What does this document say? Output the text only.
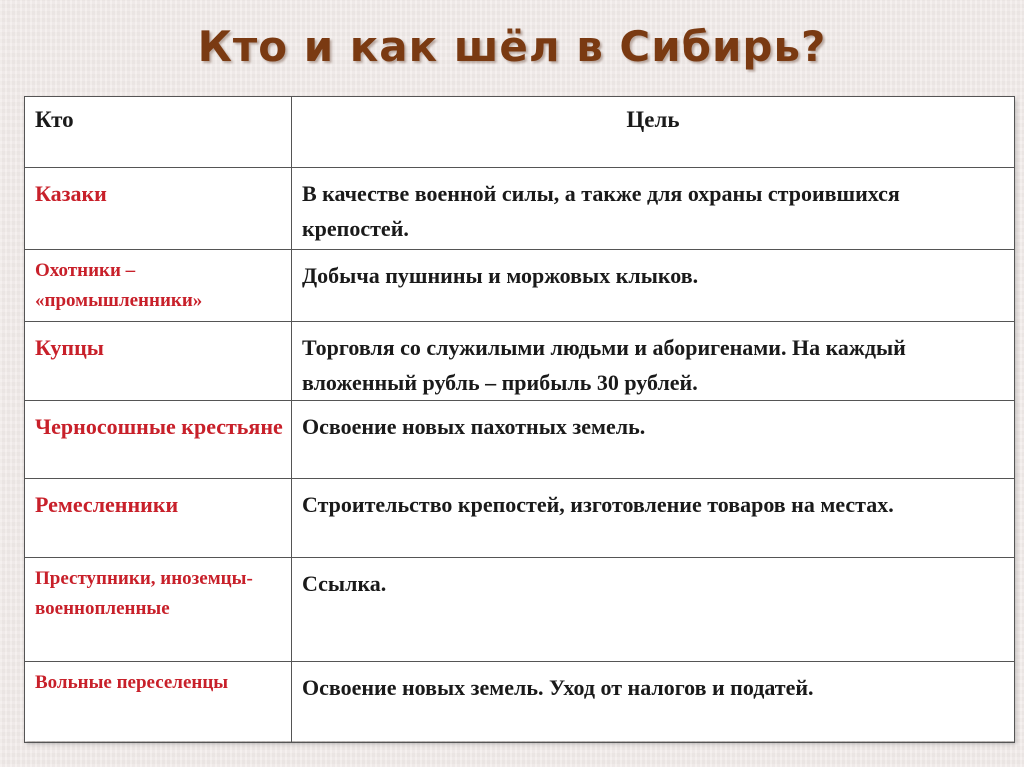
Кто и как шёл в Сибирь?
Кто	Цель
Казаки	В качестве военной силы, а также для охраны строившихся крепостей.
Охотники – «промышленники»	Добыча пушнины и моржовых клыков.
Купцы	Торговля со служилыми людьми и аборигенами. На каждый вложенный рубль – прибыль 30 рублей.
Черносошные крестьяне	Освоение новых пахотных земель.
Ремесленники	Строительство крепостей, изготовление товаров на местах.
Преступники, иноземцы-военнопленные	Ссылка.
Вольные переселенцы	Освоение новых земель. Уход от налогов и податей.
